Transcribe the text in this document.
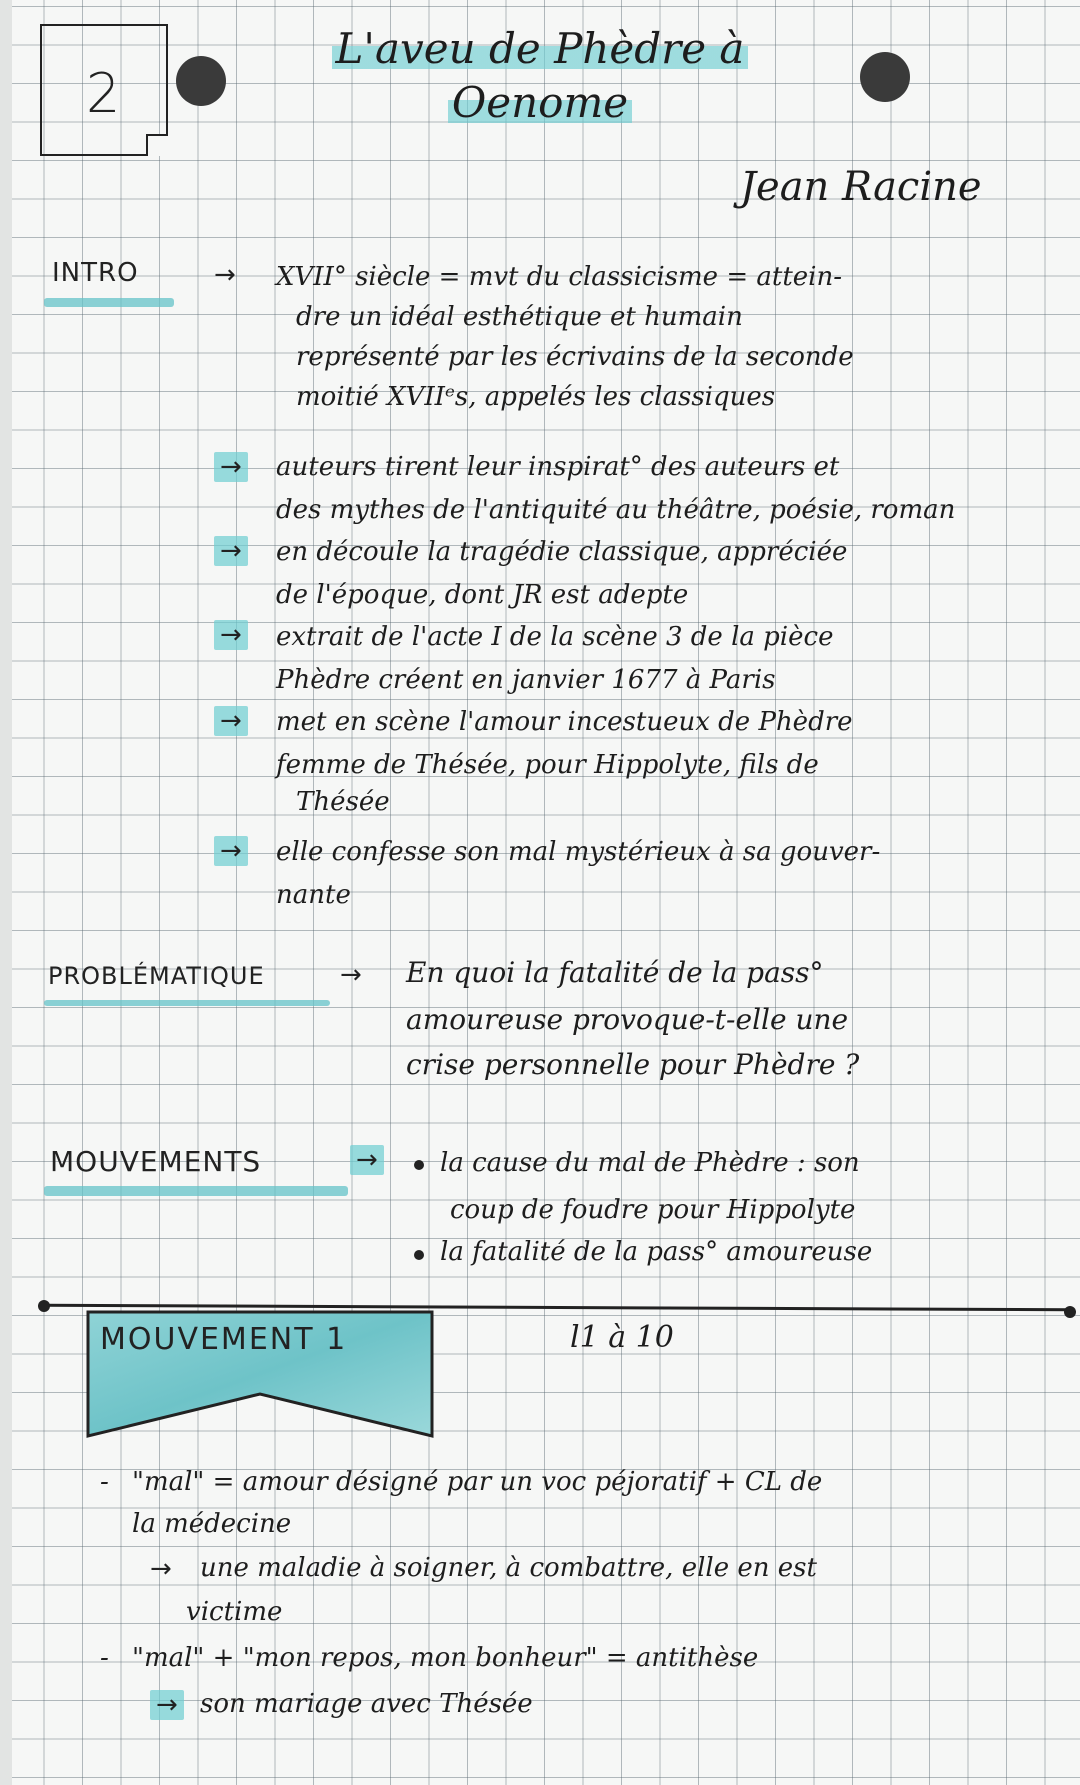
2
L'aveu de Phèdre à
Oenome
Jean Racine
INTRO	→ XVII° siècle = mvt du classicisme = attein-
dre un idéal esthétique et humain
représenté par les écrivains de la seconde
moitié XVIIᵉs, appelés les classiques
→ auteurs tirent leur inspirat° des auteurs et
des mythes de l'antiquité au théâtre, poésie, roman
→ en découle la tragédie classique, appréciée
de l'époque, dont JR est adepte
→ extrait de l'acte I de la scène 3 de la pièce
Phèdre créent en janvier 1677 à Paris
→ met en scène l'amour incestueux de Phèdre
femme de Thésée, pour Hippolyte, fils de
Thésée
→ elle confesse son mal mystérieux à sa gouver-
nante
PROBLÉMATIQUE	→ En quoi la fatalité de la pass°
amoureuse provoque-t-elle une
crise personnelle pour Phèdre ?
MOUVEMENTS	→ la cause du mal de Phèdre : son
coup de foudre pour Hippolyte
la fatalité de la pass° amoureuse
MOUVEMENT 1	l1 à 10
- "mal" = amour désigné par un voc péjoratif + CL de
la médecine
→ une maladie à soigner, à combattre, elle en est
victime
- "mal" + "mon repos, mon bonheur" = antithèse
→ son mariage avec Thésée
